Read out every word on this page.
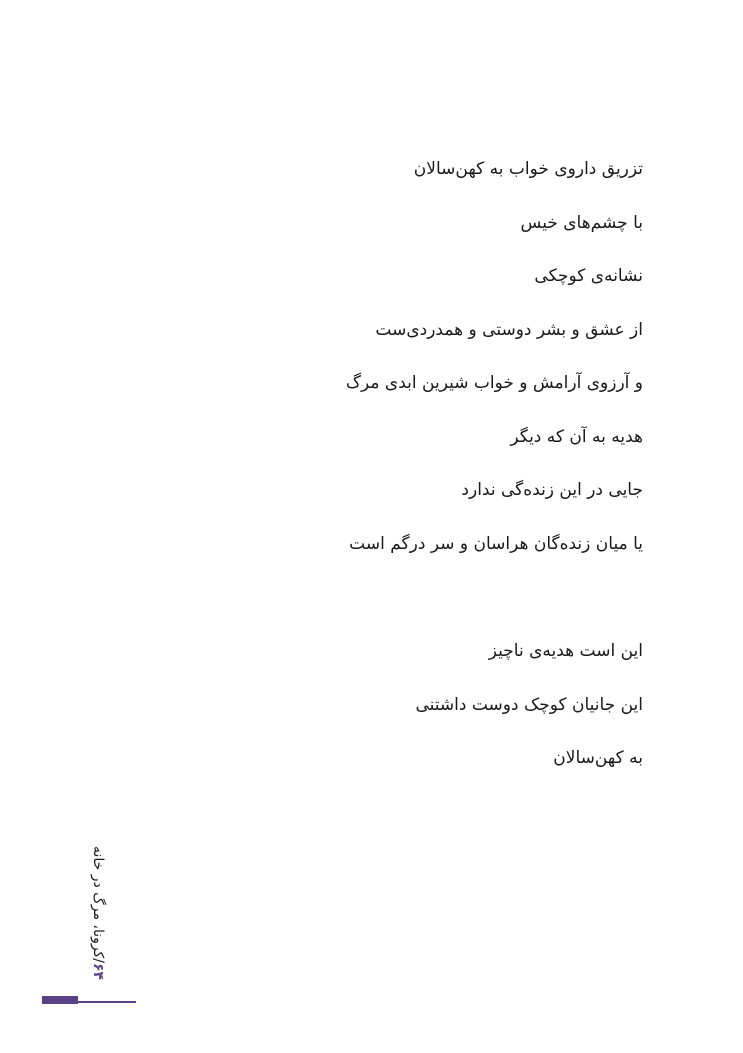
تزریق داروی خواب به کهن‌سالان
با چشم‌های خیس
نشانه‌ی کوچکی
از عشق و بشر دوستی و همدردی‌ست
و آرزوی آرامش و خواب شیرین ابدی مرگ
هدیه به آن که دیگر
جایی در این زنده‌گی ندارد
یا میان زنده‌گان هراسان و سر درگم است
این است هدیه‌ی ناچیز
این جانیان کوچک دوست داشتنی
به کهن‌سالان
۶۴/کرونا، مرگ در خانه
